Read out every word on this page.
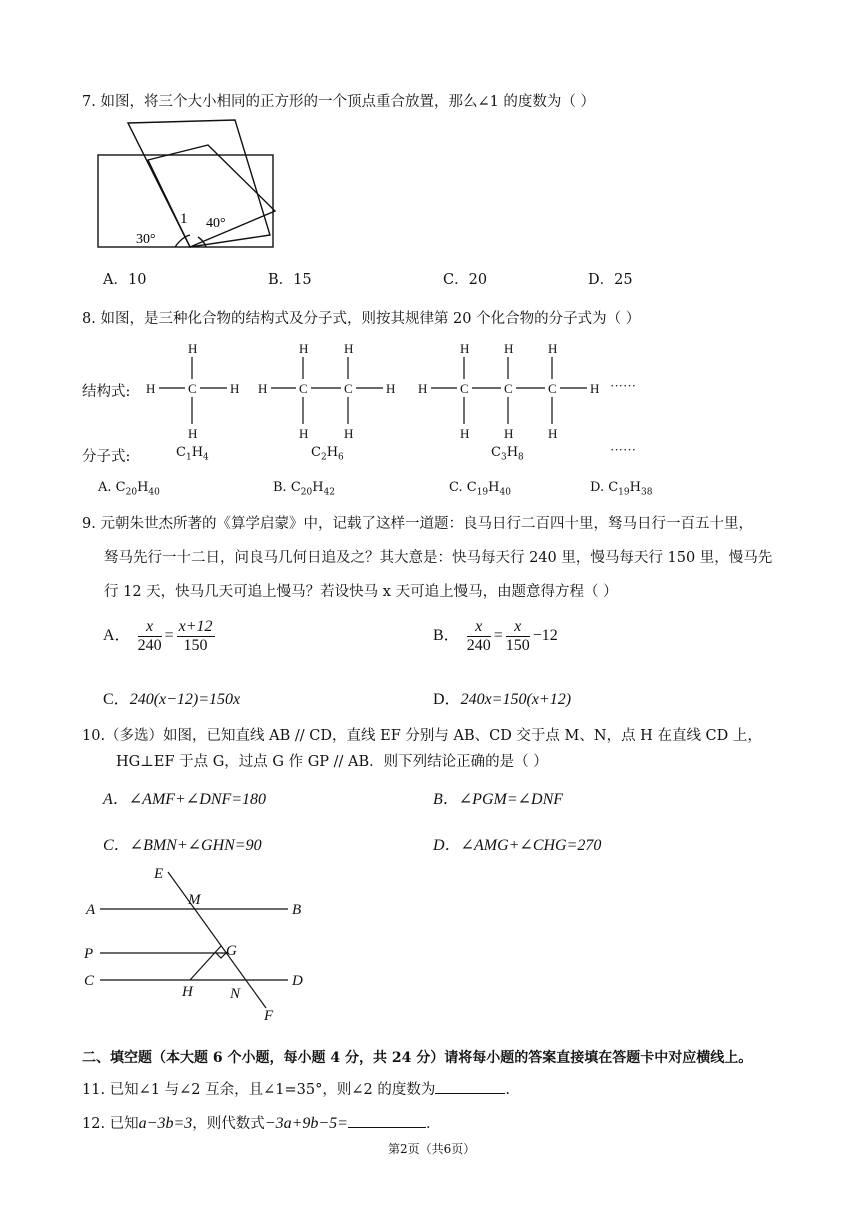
7. 如图，将三个大小相同的正方形的一个顶点重合放置，那么∠1 的度数为（ ）
1 40°
30°
A．10	B．15	C．20	D．25
8. 如图，是三种化合物的结构式及分子式，则按其规律第 20 个化合物的分子式为（ ）
结构式:
分子式:
H	C
H
H
H H C
H
H
C
H
H
H H	C
H
H
C
H
H
C
H
H
H ······
······
$C_1H_4$	$C_2H_6$	$C_3H_8$
A. $C_{20}H_{40}$	B. $C_{20}H_{42}$	C. $C_{19}H_{40}$	D. $C_{19}H_{38}$
9. 元朝朱世杰所著的《算学启蒙》中，记载了这样一道题：良马日行二百四十里，驽马日行一百五十里，
驽马先行一十二日，问良马几何日追及之？其大意是：快马每天行 240 里，慢马每天行 150 里，慢马先
行 12 天，快马几天可追上慢马？若设快马 x 天可追上慢马，由题意得方程（ ）
A． $\frac{x}{240} = \frac{x+12}{150}$	B． $\frac{x}{240} = \frac{x}{150} -12$
C．240(x−12)=150x	D．240x=150(x+12)
10.（多选）如图，已知直线 AB // CD，直线 EF 分别与 AB、CD 交于点 M、N，点 H 在直线 CD 上，
HG⊥EF 于点 G，过点 G 作 GP // AB．则下列结论正确的是（ ）
A．∠AMF+∠DNF=180	B．∠PGM=∠DNF
C．∠BMN+∠GHN=90	D．∠AMG+∠CHG=270
E
M
A	B
P	G
C	D
H N
F
二、填空题（本大题 6 个小题，每小题 4 分，共 24 分）请将每小题的答案直接填在答题卡中对应横线上。
11. 已知∠1 与∠2 互余，且∠1=35°，则∠2 的度数为	.
12. 已知a−3b=3，则代数式−3a+9b−5=	．
第2页（共6页）
